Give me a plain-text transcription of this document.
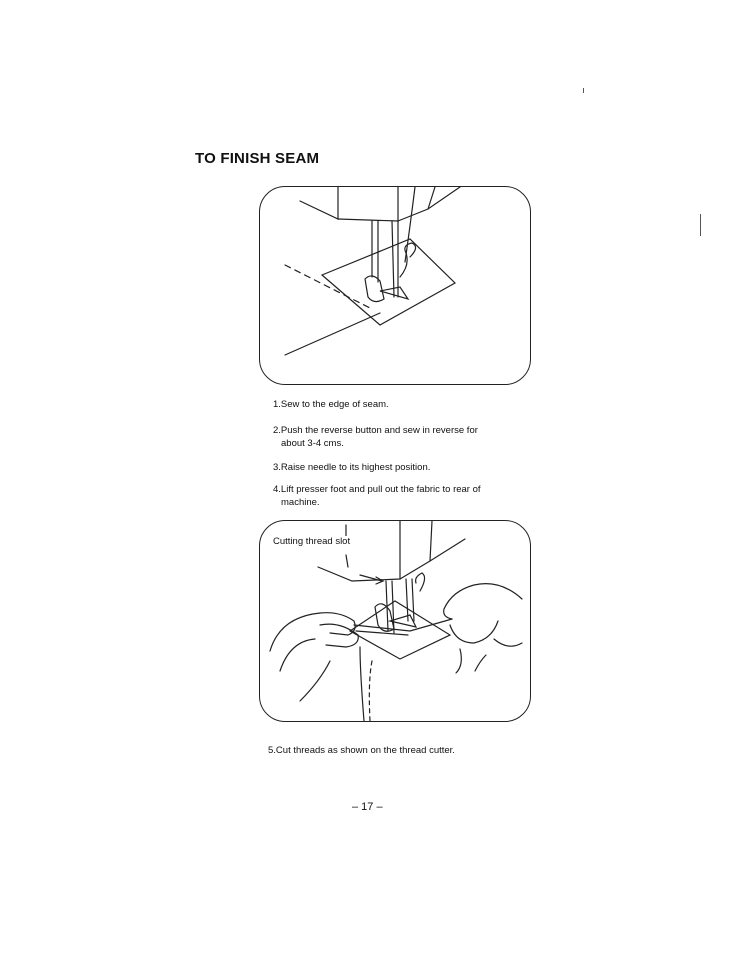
TO FINISH SEAM
1.Sew to the edge of seam.
2.Push the reverse button and sew in reverse for
about 3-4 cms.
3.Raise needle to its highest position.
4.Lift presser foot and pull out the fabric to rear of
machine.
Cutting thread slot
5.Cut threads as shown on the thread cutter.
– 17 –
